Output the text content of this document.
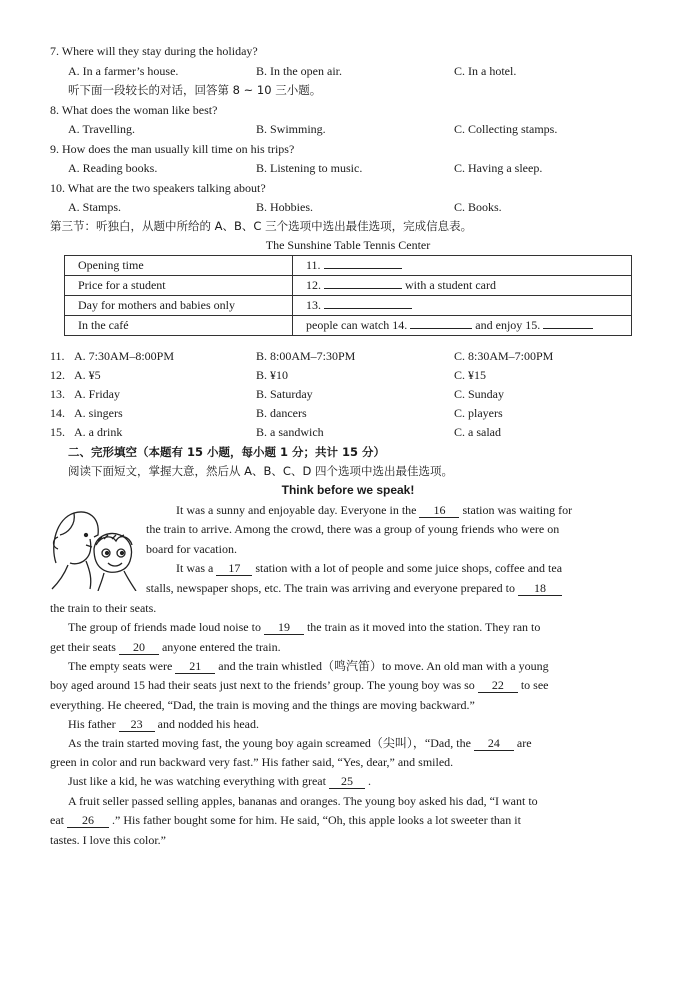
7. Where will they stay during the holiday?
A. In a farmer’s house.	B. In the open air.	C. In a hotel.
听下面一段较长的对话，回答第 8 ~ 10 三小题。
8. What does the woman like best?
A. Travelling.	B. Swimming.	C. Collecting stamps.
9. How does the man usually kill time on his trips?
A. Reading books.	B. Listening to music.	C. Having a sleep.
10. What are the two speakers talking about?
A. Stamps.	B. Hobbies.	C. Books.
第三节：听独白，从题中所给的 A、B、C 三个选项中选出最佳选项，完成信息表。
The Sunshine Table Tennis Center
Opening time	11.
Price for a student	12. with a student card
Day for mothers and babies only	13.
In the café	people can watch 14. and enjoy 15.
11. A. 7:30AM–8:00PM	B. 8:00AM–7:30PM	C. 8:30AM–7:00PM
12. A. ¥5	B. ¥10	C. ¥15
13. A. Friday	B. Saturday	C. Sunday
14. A. singers	B. dancers	C. players
15. A. a drink	B. a sandwich	C. a salad
二、完形填空（本题有 15 小题，每小题 1 分；共计 15 分）
阅读下面短文，掌握大意，然后从 A、B、C、D 四个选项中选出最佳选项。
Think before we speak!
It was a sunny and enjoyable day. Everyone in the 16 station was waiting for
the train to arrive. Among the crowd, there was a group of young friends who were on
board for vacation.
It was a 17 station with a lot of people and some juice shops, coffee and tea
stalls, newspaper shops, etc. The train was arriving and everyone prepared to 18
the train to their seats.
The group of friends made loud noise to 19 the train as it moved into the station. They ran to
get their seats 20 anyone entered the train.
The empty seats were 21 and the train whistled（鸣汽笛）to move. An old man with a young
boy aged around 15 had their seats just next to the friends’ group. The young boy was so 22 to see
everything. He cheered, “Dad, the train is moving and the things are moving backward.”
His father 23 and nodded his head.
As the train started moving fast, the young boy again screamed（尖叫），“Dad, the 24 are
green in color and run backward very fast.” His father said, “Yes, dear,” and smiled.
Just like a kid, he was watching everything with great 25 .
A fruit seller passed selling apples, bananas and oranges. The young boy asked his dad, “I want to
eat 26 .” His father bought some for him. He said, “Oh, this apple looks a lot sweeter than it
tastes. I love this color.”
